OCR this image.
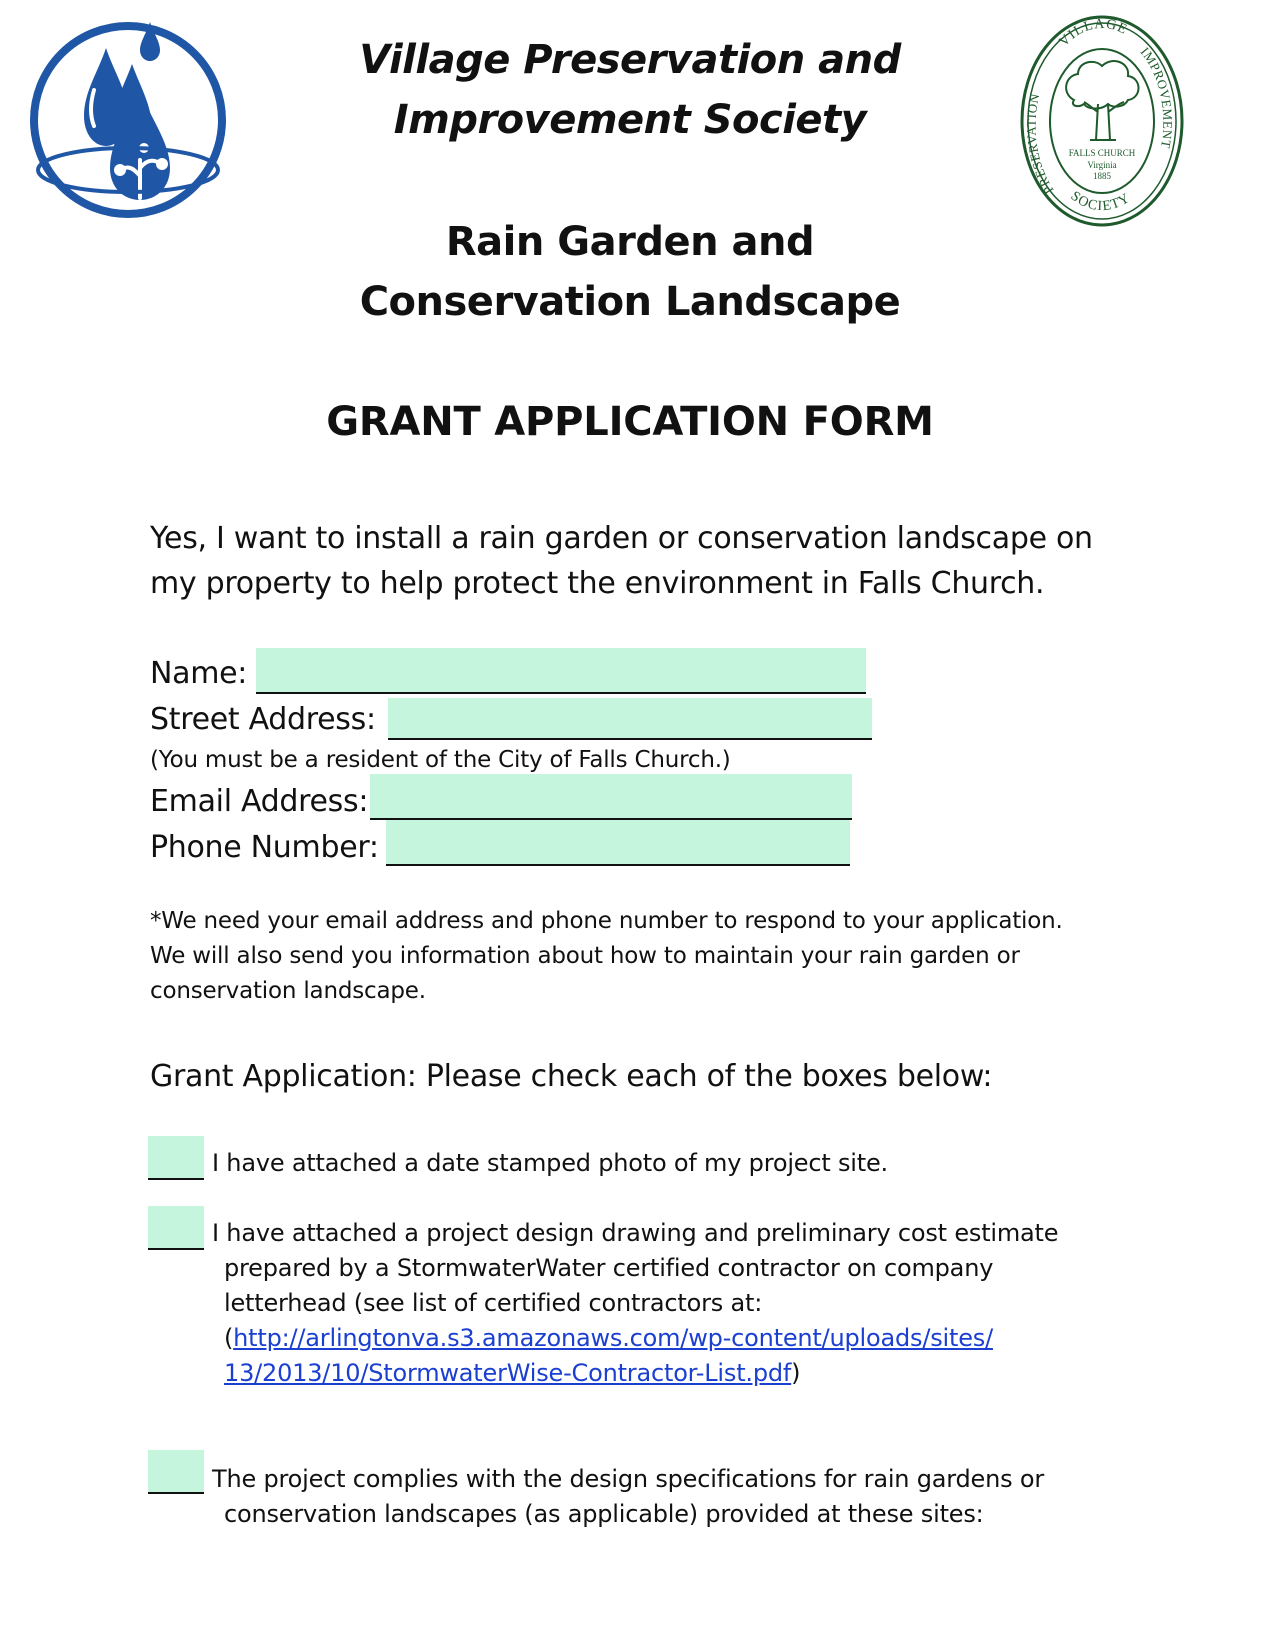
VILLAGE
IMPROVEMENT
PRESERVATION
SOCIETY
FALLS CHURCH
Virginia
1885
Village Preservation and
Improvement Society
Rain Garden and
Conservation Landscape
GRANT APPLICATION FORM
Yes, I want to install a rain garden or conservation landscape on
my property to help protect the environment in Falls Church.
Name:
Street Address:
(You must be a resident of the City of Falls Church.)
Email Address:
Phone Number:
*We need your email address and phone number to respond to your application.
We will also send you information about how to maintain your rain garden or
conservation landscape.
Grant Application: Please check each of the boxes below:
I have attached a date stamped photo of my project site.
I have attached a project design drawing and preliminary cost estimate
prepared by a StormwaterWater certified contractor on company
letterhead (see list of certified contractors at:
(http://arlingtonva.s3.amazonaws.com/wp-content/uploads/sites/
13/2013/10/StormwaterWise-Contractor-List.pdf)
The project complies with the design specifications for rain gardens or
conservation landscapes (as applicable) provided at these sites:
